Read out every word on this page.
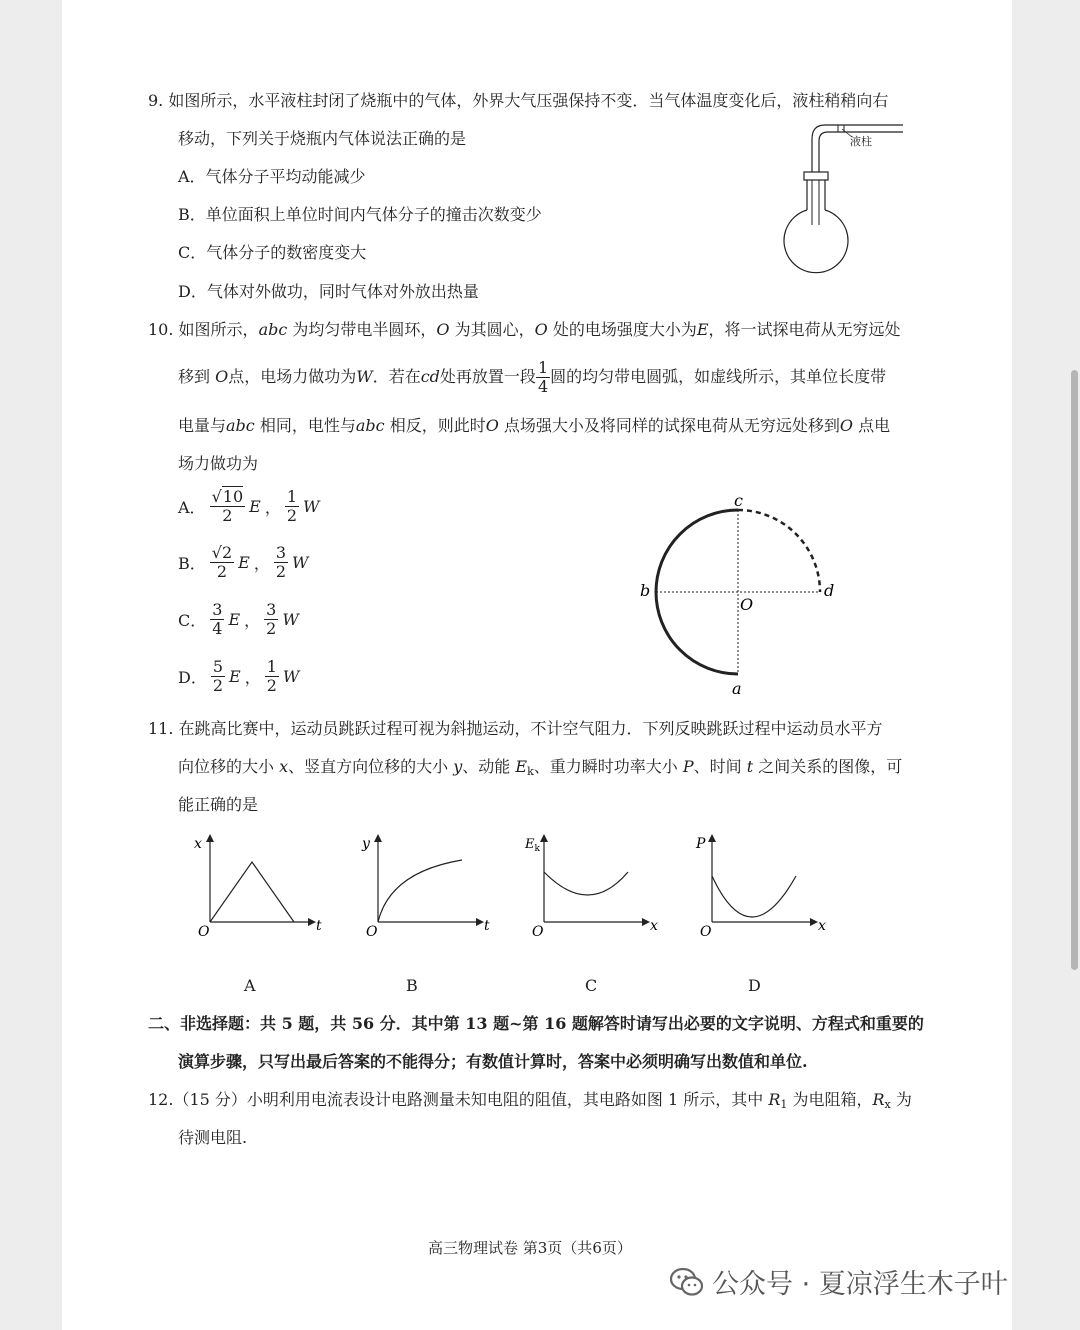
9. 如图所示，水平液柱封闭了烧瓶中的气体，外界大气压强保持不变．当气体温度变化后，液柱稍稍向右
移动，下列关于烧瓶内气体说法正确的是
A．气体分子平均动能减少
B．单位面积上单位时间内气体分子的撞击次数变少
C．气体分子的数密度变大
D．气体对外做功，同时气体对外放出热量
液柱
10. 如图所示，abc 为均匀带电半圆环，O 为其圆心，O 处的电场强度大小为E，将一试探电荷从无穷远处
移到
O 点，电场力做功为 W ．若在 cd 处再放置一段 $\frac{1}{4}$ 圆的均匀带电圆弧，如虚线所示，其单位长度带
电量与abc 相同，电性与abc 相反，则此时O 点场强大小及将同样的试探电荷从无穷远处移到O 点电
场力做功为
A． $\frac{√10}{2}$ E ， $\frac{1}{2}$ W
B． $\frac{√2}{2}$ E ， $\frac{3}{2}$ W
C． $\frac{3}{4}$ E ， $\frac{3}{2}$ W
D． $\frac{5}{2}$ E ， $\frac{1}{2}$ W
c
b	d
O
a
11. 在跳高比赛中，运动员跳跃过程可视为斜抛运动，不计空气阻力．下列反映跳跃过程中运动员水平方
向位移的大小 x、竖直方向位移的大小 y、动能 $E_k$、重力瞬时功率大小 P、时间 t 之间关系的图像，可
能正确的是
x
t
O
y
t
O
$E_k$
x
O
P
x
O
A	B	C	D
二、非选择题：共 5 题，共 56 分．其中第 13 题~第 16 题解答时请写出必要的文字说明、方程式和重要的
演算步骤，只写出最后答案的不能得分；有数值计算时，答案中必须明确写出数值和单位.
12.（15 分）小明利用电流表设计电路测量未知电阻的阻值，其电路如图 1 所示，其中 $R_1$ 为电阻箱，$R_x$ 为
待测电阻.
高三物理试卷 第3页（共6页）
公众号 · 夏凉浮生木子叶
